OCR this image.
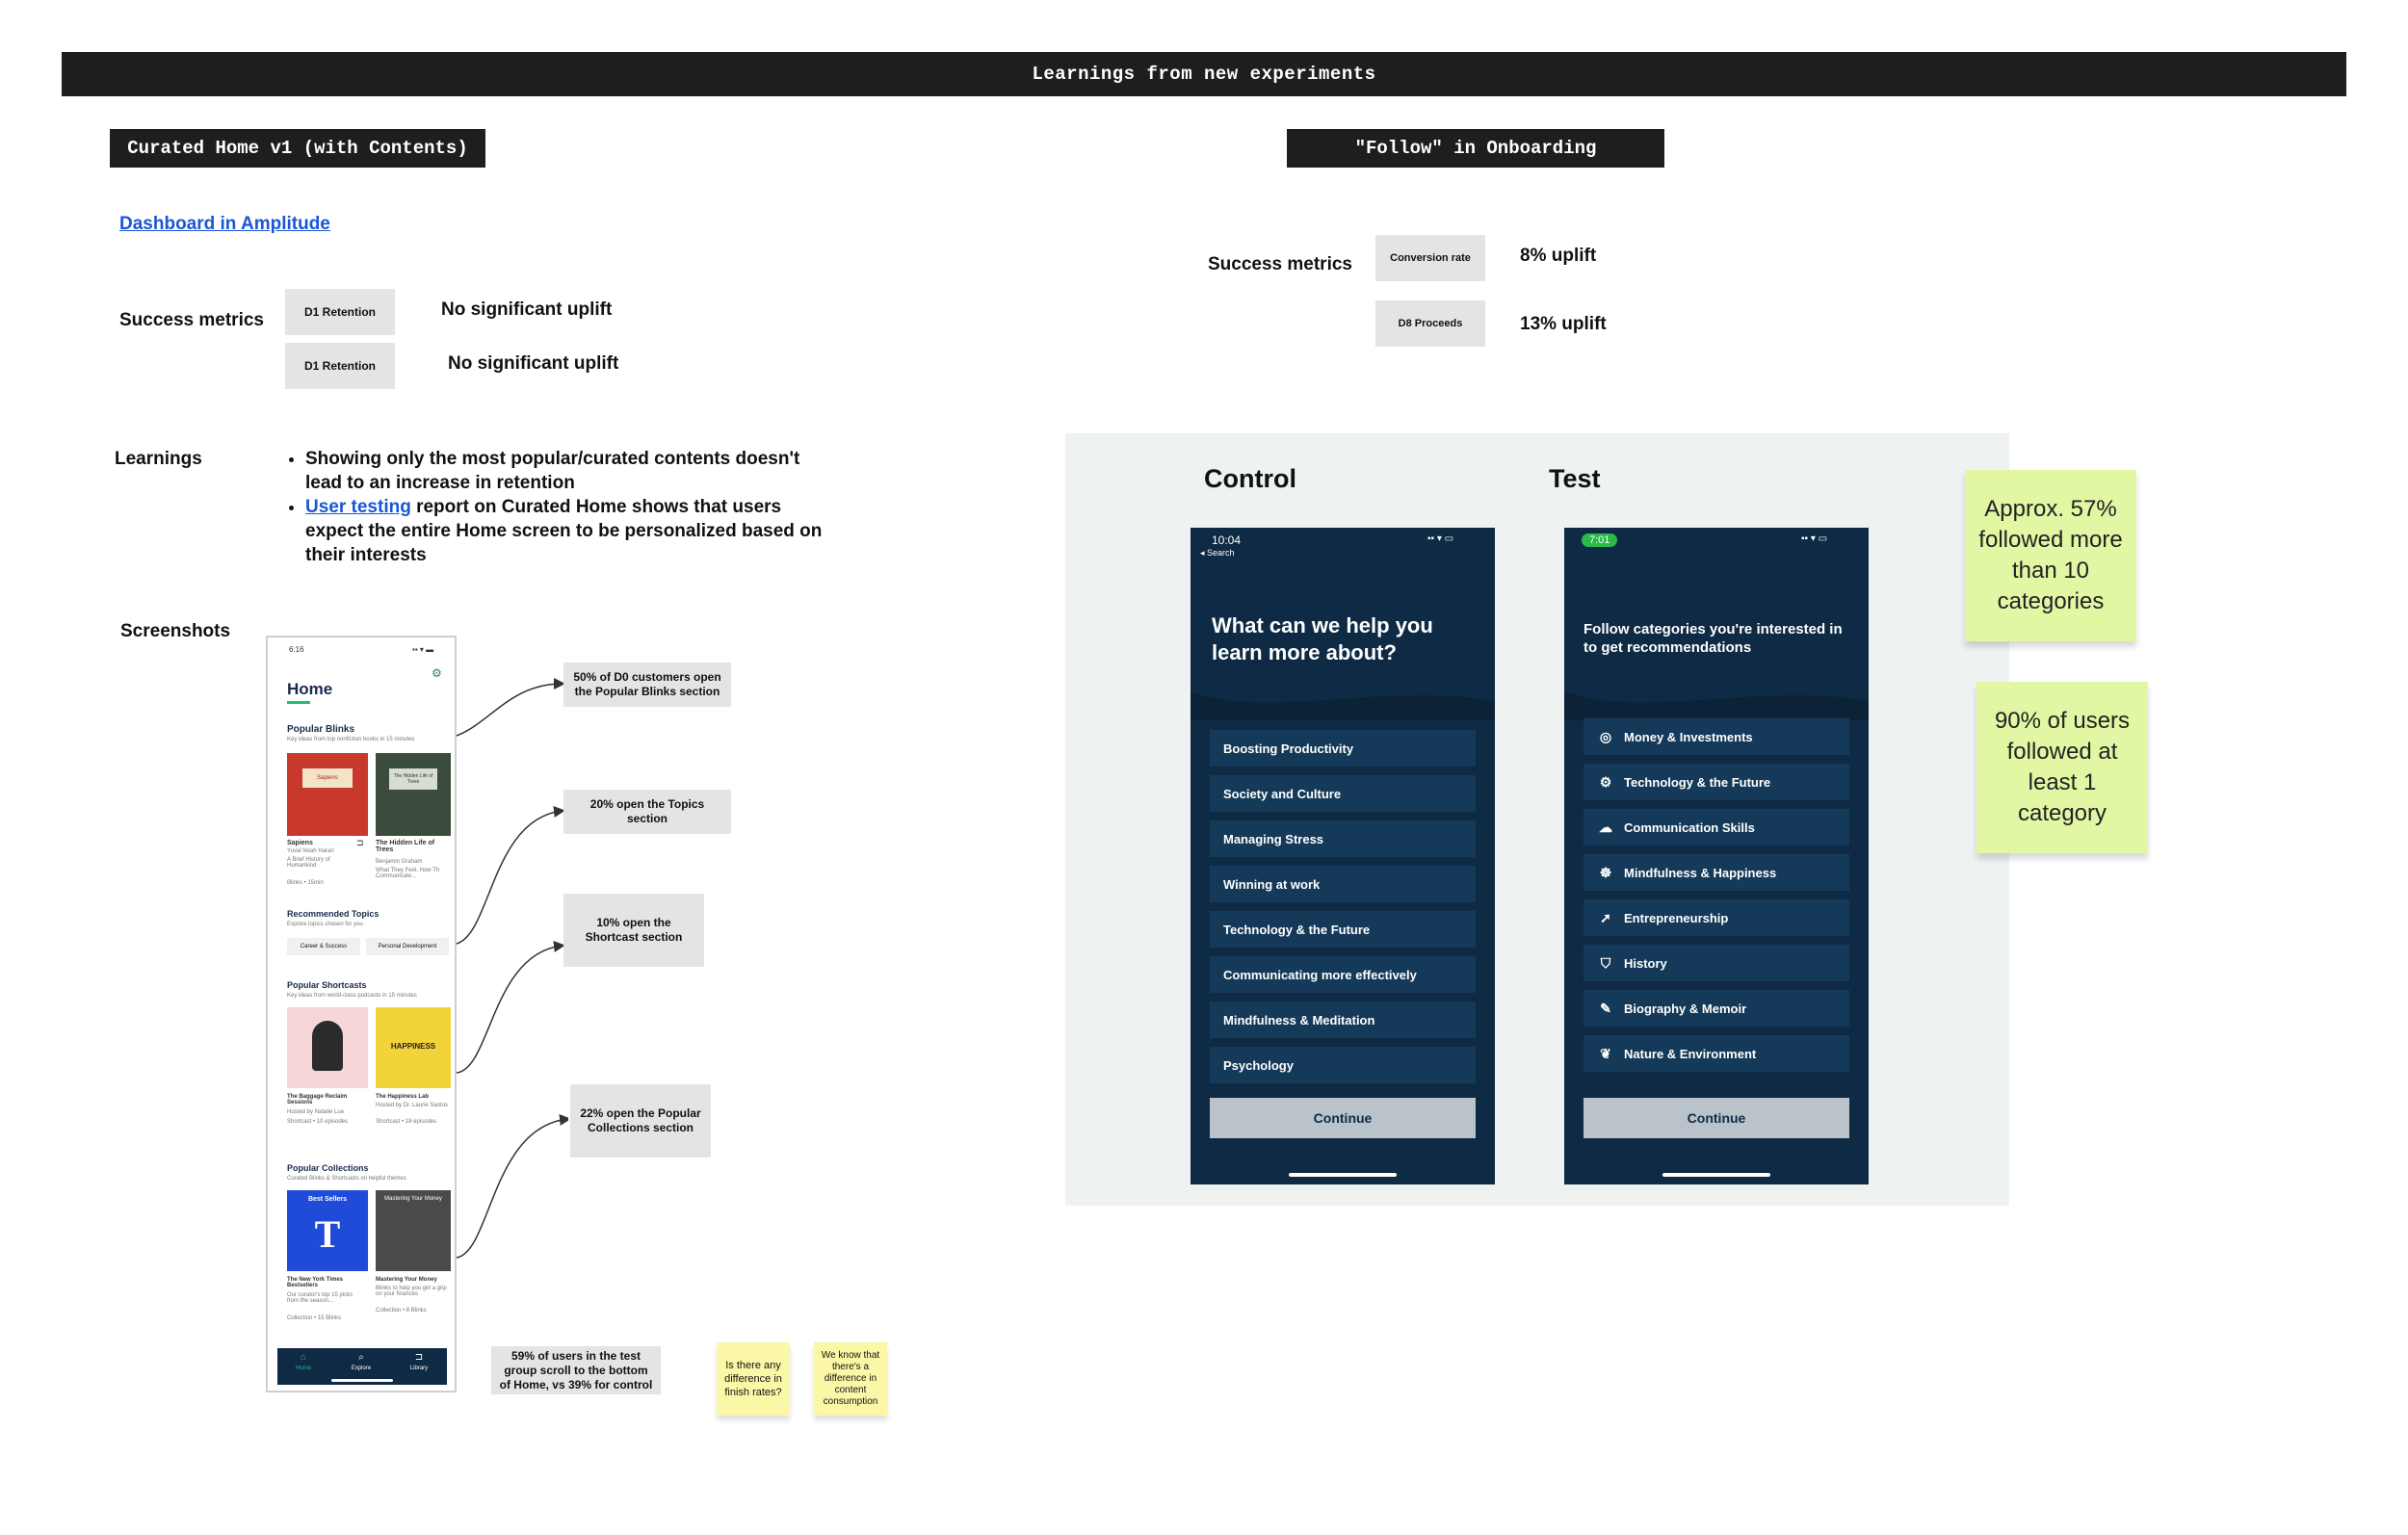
Learnings from new experiments
Curated Home v1 (with Contents)
Dashboard in Amplitude
Success metrics	D1 Retention	No significant uplift
D1 Retention	No significant uplift
Learnings
•	Showing only the most popular/curated contents doesn't lead to an increase in retention
• User testing report on Curated Home shows that users expect the entire Home screen to be personalized based on their interests
Screenshots
6:16	▪▪ ▾ ▬
⚙
Home
Popular Blinks
Key ideas from top nonfiction books in 15 minutes
Sapiens	The Hidden Life of Trees
Sapiens	⊐
Yuval Noah Harari
A Brief History of Humankind
Blinks • 15min
The Hidden Life of Trees
Benjamin Graham
What They Feel, How Th Communicate...
Recommended Topics
Explore topics chosen for you
Career & Success	Personal Development
Popular Shortcasts
Key ideas from world-class podcasts in 15 minutes
HAPPINESS
The Baggage Reclaim Sessions
Hosted by Natalie Lue
Shortcast • 10 episodes
The Happiness Lab
Hosted by Dr. Laurie Santos
Shortcast • 18 episodes
Popular Collections
Curated Blinks & Shortcasts on helpful themes
Best Sellers
T
Mastering Your Money
The New York Times Bestsellers
Our curator's top 15 picks from the season...
Collection • 15 Blinks
Mastering Your Money
Blinks to help you get a grip on your finances
Collection • 8 Blinks
⌂
Home
⌕
Explore
⊐
Library
50% of D0 customers open the Popular Blinks section
20% open the Topics section
10% open the Shortcast section
22% open the Popular Collections section
59% of users in the test group scroll to the bottom of Home, vs 39% for control
Is there any difference in finish rates?
We know that there's a difference in content consumption
"Follow" in Onboarding
Success metrics	Conversion rate	8% uplift
D8 Proceeds	13% uplift
Control	Test
10:04
◂ Search
▪▪ ▾ ▭
What can we help you learn more about?
Boosting Productivity
Society and Culture
Managing Stress
Winning at work
Technology & the Future
Communicating more effectively
Mindfulness & Meditation
Psychology
Continue
7:01	▪▪ ▾ ▭
Follow categories you're interested in to get recommendations
◎ Money & Investments
⚙ Technology & the Future
☁ Communication Skills
☸ Mindfulness & Happiness
➚ Entrepreneurship
⛉ History
✎ Biography & Memoir
❦ Nature & Environment
Continue
Approx. 57% followed more than 10 categories
90% of users followed at least 1 category
